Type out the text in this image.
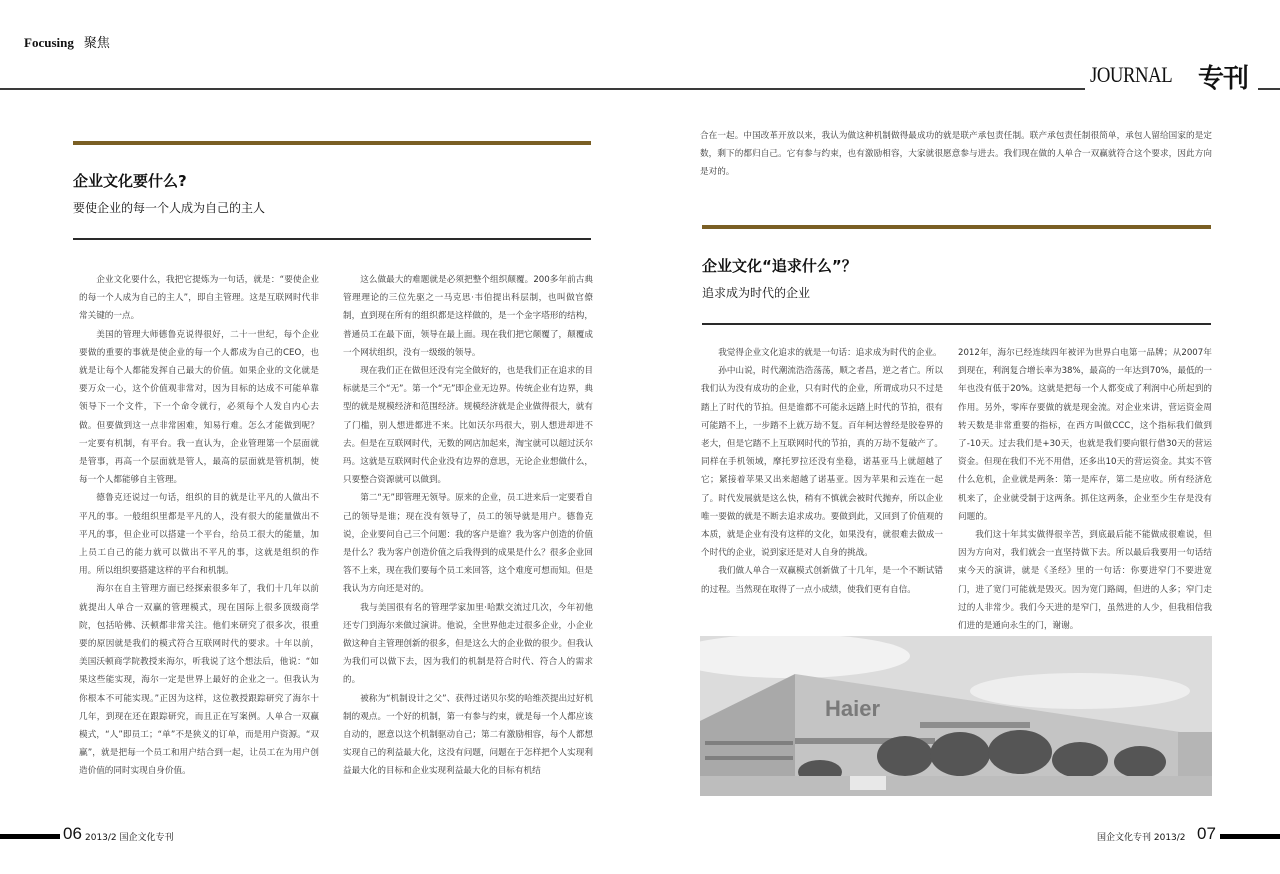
Focusing 聚焦
JOURNAL 专刊
企业文化要什么?
要使企业的每一个人成为自己的主人

企业文化要什么，我把它提炼为一句话，就是：“要使企业的每一个人成为自己的主人”，即自主管理。这是互联网时代非常关键的一点。

美国的管理大师德鲁克说得很好，二十一世纪，每个企业要做的重要的事就是使企业的每一个人都成为自己的CEO，也就是让每个人都能发挥自己最大的价值。如果企业的文化就是要万众一心，这个价值观非常对，因为目标的达成不可能单靠领导下一个文件，下一个命令就行，必须每个人发自内心去做。但要做到这一点非常困难，知易行难。怎么才能做到呢？一定要有机制，有平台。我一直认为，企业管理第一个层面就是管事，再高一个层面就是管人，最高的层面就是管机制，使每一个人都能够自主管理。

德鲁克还说过一句话，组织的目的就是让平凡的人做出不平凡的事。一般组织里都是平凡的人，没有很大的能量做出不平凡的事，但企业可以搭建一个平台，给员工很大的能量，加上员工自己的能力就可以做出不平凡的事，这就是组织的作用。所以组织要搭建这样的平台和机制。

海尔在自主管理方面已经探索很多年了，我们十几年以前就提出人单合一双赢的管理模式，现在国际上很多顶级商学院，包括哈佛、沃顿都非常关注。他们来研究了很多次，很重要的原因就是我们的模式符合互联网时代的要求。十年以前，美国沃顿商学院教授来海尔，听我说了这个想法后，他说：“如果这些能实现，海尔一定是世界上最好的企业之一。但我认为你根本不可能实现。”正因为这样，这位教授跟踪研究了海尔十几年，到现在还在跟踪研究，而且正在写案例。人单合一双赢模式，“人”即员工；“单”不是狭义的订单，而是用户资源。“双赢”，就是把每一个员工和用户结合到一起，让员工在为用户创造价值的同时实现自身价值。

这么做最大的难题就是必须把整个组织颠覆。200多年前古典管理理论的三位先驱之一马克思·韦伯提出科层制，也叫做官僚制，直到现在所有的组织都是这样做的，是一个金字塔形的结构，普通员工在最下面，领导在最上面。现在我们把它颠覆了，颠覆成一个网状组织，没有一级级的领导。

现在我们正在做但还没有完全做好的，也是我们正在追求的目标就是三个“无”。第一个“无”即企业无边界。传统企业有边界，典型的就是规模经济和范围经济。规模经济就是企业做得很大，就有了门槛，别人想进都进不来。比如沃尔玛很大，别人想进却进不去。但是在互联网时代，无数的网店加起来，淘宝就可以超过沃尔玛。这就是互联网时代企业没有边界的意思，无论企业想做什么，只要整合资源就可以做到。

第二“无”即管理无领导。原来的企业，员工进来后一定要看自己的领导是谁；现在没有领导了，员工的领导就是用户。德鲁克说，企业要问自己三个问题：我的客户是谁？我为客户创造的价值是什么？我为客户创造价值之后我得到的成果是什么？很多企业回答不上来，现在我们要每个员工来回答，这个难度可想而知。但是我认为方向还是对的。

我与美国很有名的管理学家加里·哈默交流过几次，今年初他还专门到海尔来做过演讲。他说，全世界他走过很多企业，小企业做这种自主管理创新的很多，但是这么大的企业做的很少。但我认为我们可以做下去，因为我们的机制是符合时代、符合人的需求的。

被称为“机制设计之父”、获得过诺贝尔奖的哈维茨提出过好机制的观点。一个好的机制，第一有参与约束，就是每一个人都应该自动的，愿意以这个机制驱动自己；第二有激励相容，每个人都想实现自己的利益最大化，这没有问题，问题在于怎样把个人实现利益最大化的目标和企业实现利益最大化的目标有机结

合在一起。中国改革开放以来，我认为做这种机制做得最成功的就是联产承包责任制。联产承包责任制很简单，承包人留给国家的是定数，剩下的都归自己。它有参与约束，也有激励相容，大家就很愿意参与进去。我们现在做的人单合一双赢就符合这个要求，因此方向是对的。

企业文化“追求什么”？
追求成为时代的企业

我觉得企业文化追求的就是一句话：追求成为时代的企业。

孙中山说，时代潮流浩浩荡荡，顺之者昌，逆之者亡。所以我们认为没有成功的企业，只有时代的企业，所谓成功只不过是踏上了时代的节拍。但是谁都不可能永远踏上时代的节拍，很有可能踏不上，一步踏不上就万劫不复。百年柯达曾经是胶卷界的老大，但是它踏不上互联网时代的节拍，真的万劫不复破产了。同样在手机领域，摩托罗拉还没有坐稳，诺基亚马上就超越了它；紧接着苹果又出来超越了诺基亚。因为苹果和云连在一起了。时代发展就是这么快，稍有不慎就会被时代抛弃，所以企业唯一要做的就是不断去追求成功。要做到此，又回到了价值观的本质，就是企业有没有这样的文化，如果没有，就很难去做成一个时代的企业，说到家还是对人自身的挑战。

我们做人单合一双赢模式创新做了十几年，是一个不断试错的过程。当然现在取得了一点小成绩，使我们更有自信。

2012年，海尔已经连续四年被评为世界白电第一品牌；从2007年到现在，利润复合增长率为38%，最高的一年达到70%，最低的一年也没有低于20%。这就是把每一个人都变成了利润中心所起到的作用。另外，零库存要做的就是现金流。对企业来讲，营运资金周转天数是非常重要的指标，在西方叫做CCC，这个指标我们做到了-10天。过去我们是+30天，也就是我们要向银行借30天的营运资金。但现在我们不光不用借，还多出10天的营运资金。其实不管什么危机，企业就是两条：第一是库存，第二是应收。所有经济危机来了，企业就受制于这两条。抓住这两条，企业至少生存是没有问题的。

我们这十年其实做得很辛苦，到底最后能不能做成很难说，但因为方向对，我们就会一直坚持做下去。所以最后我要用一句话结束今天的演讲，就是《圣经》里的一句话：你要进窄门不要进宽门，进了宽门可能就是毁灭。因为宽门路阔，但进的人多；窄门走过的人非常少。我们今天进的是窄门，虽然进的人少，但我相信我们进的是通向永生的门，谢谢。

Haier
06 2013/2 国企文化专刊	国企文化专刊 2013/2 07
